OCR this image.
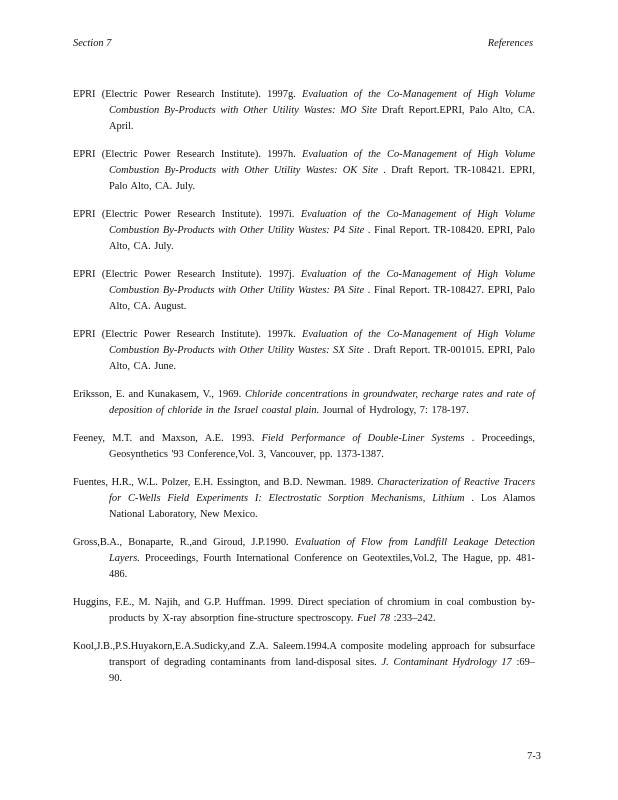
Section 7	References

EPRI (Electric Power Research Institute). 1997g. Evaluation of the Co-Management of High Volume Combustion By-Products with Other Utility Wastes: MO Site Draft Report.EPRI, Palo Alto, CA. April.

EPRI (Electric Power Research Institute). 1997h. Evaluation of the Co-Management of High Volume Combustion By-Products with Other Utility Wastes: OK Site . Draft Report. TR-108421. EPRI, Palo Alto, CA. July.

EPRI (Electric Power Research Institute). 1997i. Evaluation of the Co-Management of High Volume Combustion By-Products with Other Utility Wastes: P4 Site . Final Report. TR-108420. EPRI, Palo Alto, CA. July.

EPRI (Electric Power Research Institute). 1997j. Evaluation of the Co-Management of High Volume Combustion By-Products with Other Utility Wastes: PA Site . Final Report. TR-108427. EPRI, Palo Alto, CA. August.

EPRI (Electric Power Research Institute). 1997k. Evaluation of the Co-Management of High Volume Combustion By-Products with Other Utility Wastes: SX Site . Draft Report. TR-001015. EPRI, Palo Alto, CA. June.

Eriksson, E. and Kunakasem, V., 1969. Chloride concentrations in groundwater, recharge rates and rate of deposition of chloride in the Israel coastal plain. Journal of Hydrology, 7: 178-197.

Feeney, M.T. and Maxson, A.E. 1993. Field Performance of Double-Liner Systems . Proceedings, Geosynthetics '93 Conference,Vol. 3, Vancouver, pp. 1373-1387.

Fuentes, H.R., W.L. Polzer, E.H. Essington, and B.D. Newman. 1989. Characterization of Reactive Tracers for C-Wells Field Experiments I: Electrostatic Sorption Mechanisms, Lithium . Los Alamos National Laboratory, New Mexico.

Gross,B.A., Bonaparte, R.,and Giroud, J.P.1990. Evaluation of Flow from Landfill Leakage Detection Layers. Proceedings, Fourth International Conference on Geotextiles,Vol.2, The Hague, pp. 481-486.

Huggins, F.E., M. Najih, and G.P. Huffman. 1999. Direct speciation of chromium in coal combustion by-products by X-ray absorption fine-structure spectroscopy. Fuel 78 :233–242.

Kool,J.B.,P.S.Huyakorn,E.A.Sudicky,and Z.A. Saleem.1994.A composite modeling approach for subsurface transport of degrading contaminants from land-disposal sites. J. Contaminant Hydrology 17 :69–90.

7-3
